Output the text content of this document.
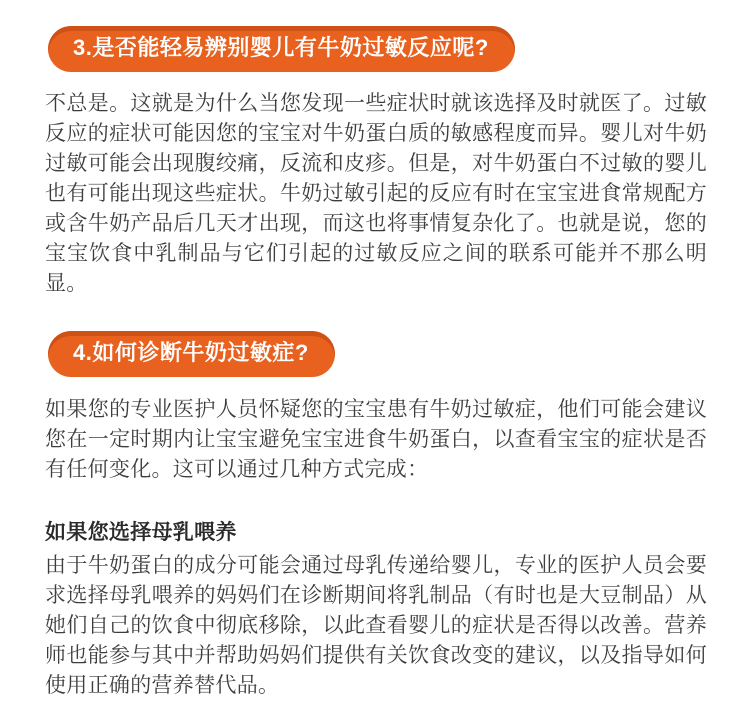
3.是否能轻易辨别婴儿有牛奶过敏反应呢?

不总是。这就是为什么当您发现一些症状时就该选择及时就医了。过敏反应的症状可能因您的宝宝对牛奶蛋白质的敏感程度而异。婴儿对牛奶过敏可能会出现腹绞痛，反流和皮疹。但是，对牛奶蛋白不过敏的婴儿也有可能出现这些症状。牛奶过敏引起的反应有时在宝宝进食常规配方或含牛奶产品后几天才出现，而这也将事情复杂化了。也就是说，您的宝宝饮食中乳制品与它们引起的过敏反应之间的联系可能并不那么明显。

4.如何诊断牛奶过敏症?

如果您的专业医护人员怀疑您的宝宝患有牛奶过敏症，他们可能会建议您在一定时期内让宝宝避免宝宝进食牛奶蛋白，以查看宝宝的症状是否有任何变化。这可以通过几种方式完成：

如果您选择母乳喂养

由于牛奶蛋白的成分可能会通过母乳传递给婴儿，专业的医护人员会要求选择母乳喂养的妈妈们在诊断期间将乳制品（有时也是大豆制品）从她们自己的饮食中彻底移除，以此查看婴儿的症状是否得以改善。营养师也能参与其中并帮助妈妈们提供有关饮食改变的建议，以及指导如何使用正确的营养替代品。
